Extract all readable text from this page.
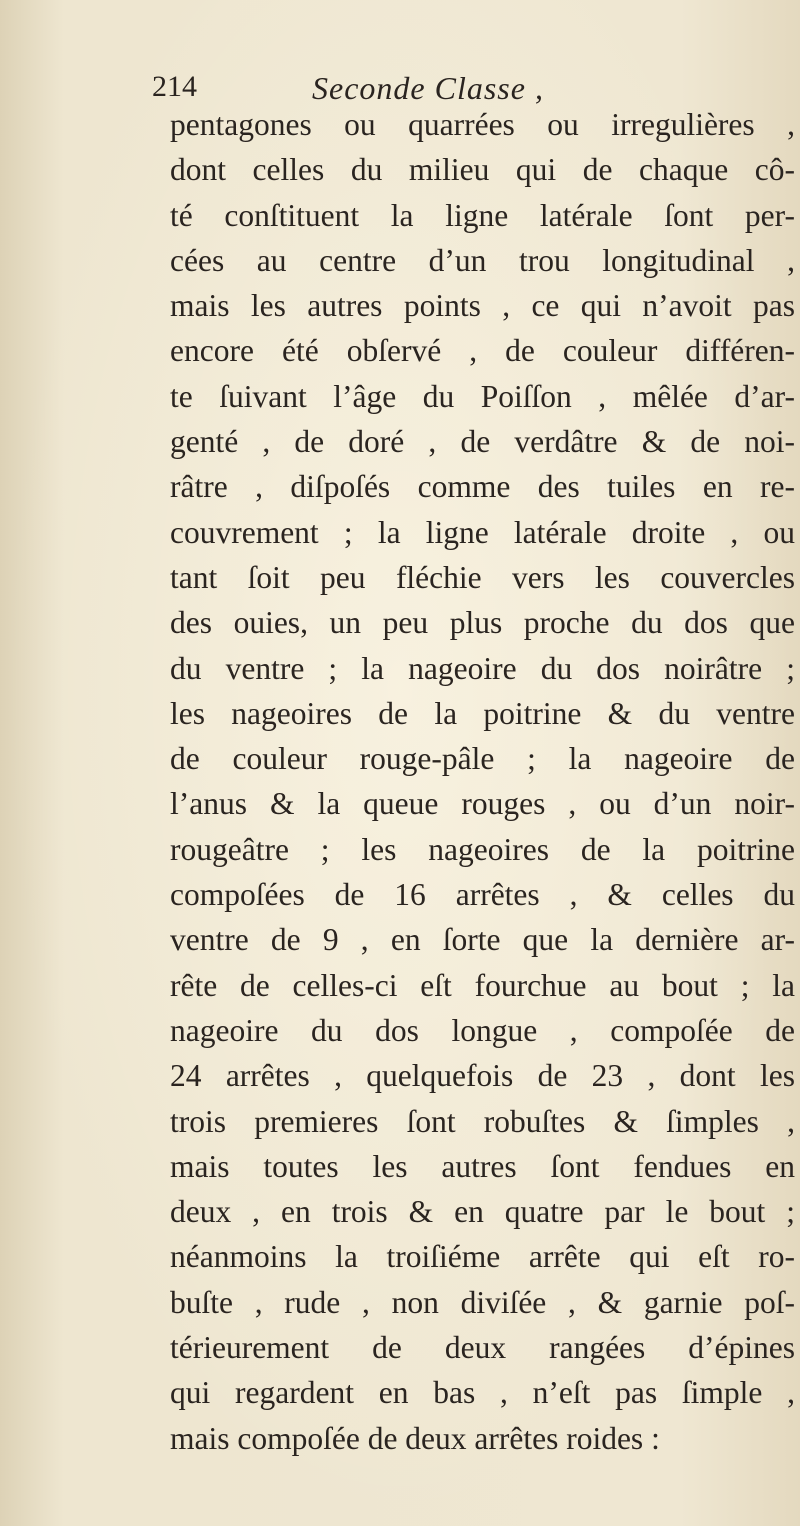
214	Seconde Classe ,
pentagones ou quarrées ou irregulières ,
dont celles du milieu qui de chaque cô-
té conſtituent la ligne latérale ſont per-
cées au centre d’un trou longitudinal ,
mais les autres points , ce qui n’avoit pas
encore été obſervé , de couleur différen-
te ſuivant l’âge du Poiſſon , mêlée d’ar-
genté , de doré , de verdâtre & de noi-
râtre , diſpoſés comme des tuiles en re-
couvrement ; la ligne latérale droite , ou
tant ſoit peu fléchie vers les couvercles
des ouies, un peu plus proche du dos que
du ventre ; la nageoire du dos noirâtre ;
les nageoires de la poitrine & du ventre
de couleur rouge-pâle ; la nageoire de
l’anus & la queue rouges , ou d’un noir-
rougeâtre ; les nageoires de la poitrine
compoſées de 16 arrêtes , & celles du
ventre de 9 , en ſorte que la dernière ar-
rête de celles-ci eſt fourchue au bout ; la
nageoire du dos longue , compoſée de
24 arrêtes , quelquefois de 23 , dont les
trois premieres ſont robuſtes & ſimples ,
mais toutes les autres ſont fendues en
deux , en trois & en quatre par le bout ;
néanmoins la troiſiéme arrête qui eſt ro-
buſte , rude , non diviſée , & garnie poſ-
térieurement de deux rangées d’épines
qui regardent en bas , n’eſt pas ſimple ,
mais compoſée de deux arrêtes roides :
